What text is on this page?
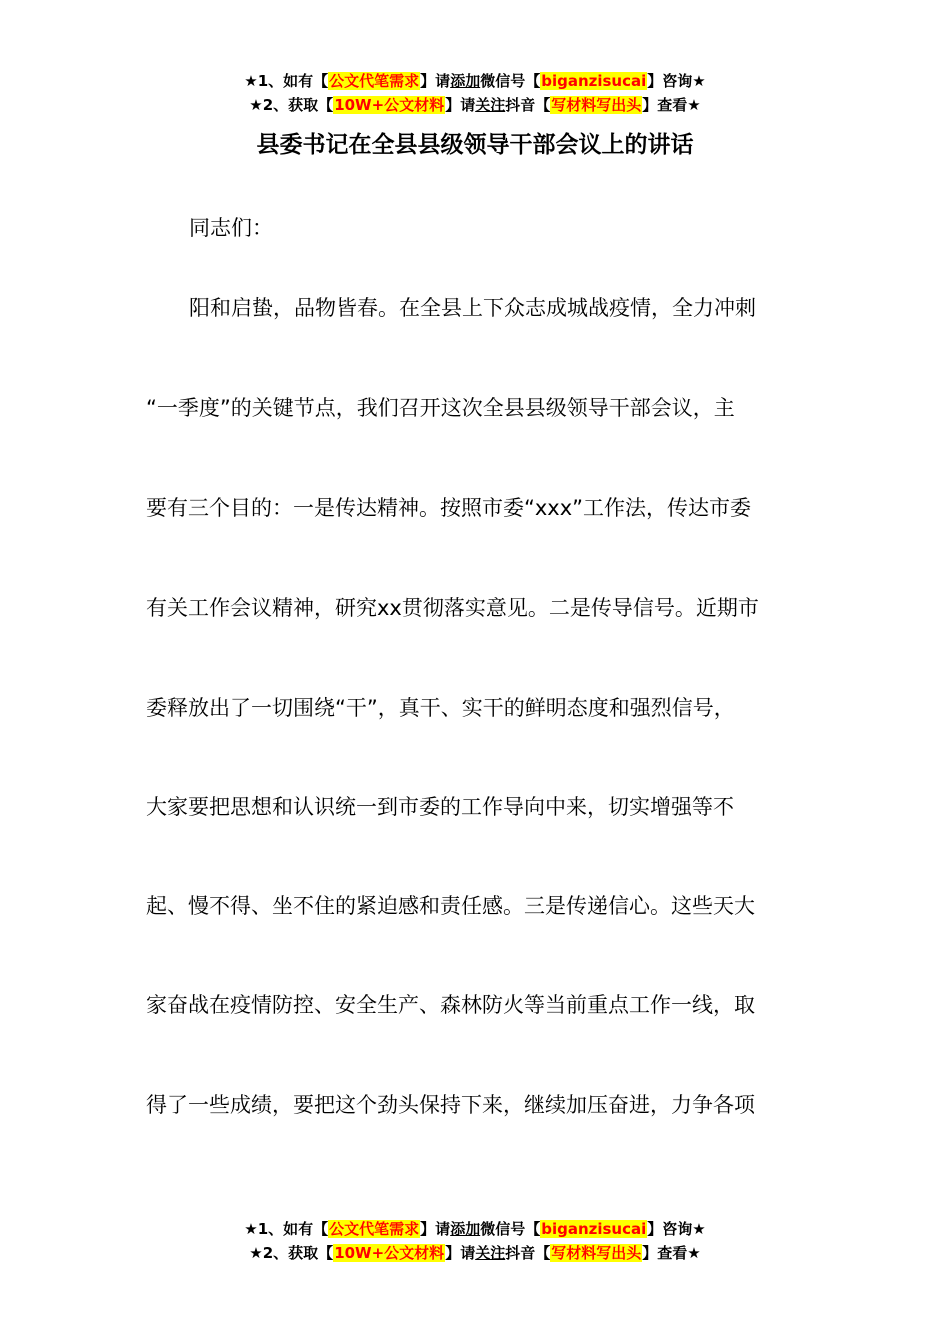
★1、如有【公文代笔需求】请添加微信号【biganzisucai】咨询★
★2、获取【10W+公文材料】请关注抖音【写材料写出头】查看★
县委书记在全县县级领导干部会议上的讲话
同志们：
阳和启蛰，品物皆春。在全县上下众志成城战疫情，全力冲刺
“一季度”的关键节点，我们召开这次全县县级领导干部会议，主
要有三个目的：一是传达精神。按照市委“xxx”工作法，传达市委
有关工作会议精神，研究xx贯彻落实意见。二是传导信号。近期市
委释放出了一切围绕“干”，真干、实干的鲜明态度和强烈信号，
大家要把思想和认识统一到市委的工作导向中来，切实增强等不
起、慢不得、坐不住的紧迫感和责任感。三是传递信心。这些天大
家奋战在疫情防控、安全生产、森林防火等当前重点工作一线，取
得了一些成绩，要把这个劲头保持下来，继续加压奋进，力争各项
★1、如有【公文代笔需求】请添加微信号【biganzisucai】咨询★
★2、获取【10W+公文材料】请关注抖音【写材料写出头】查看★
